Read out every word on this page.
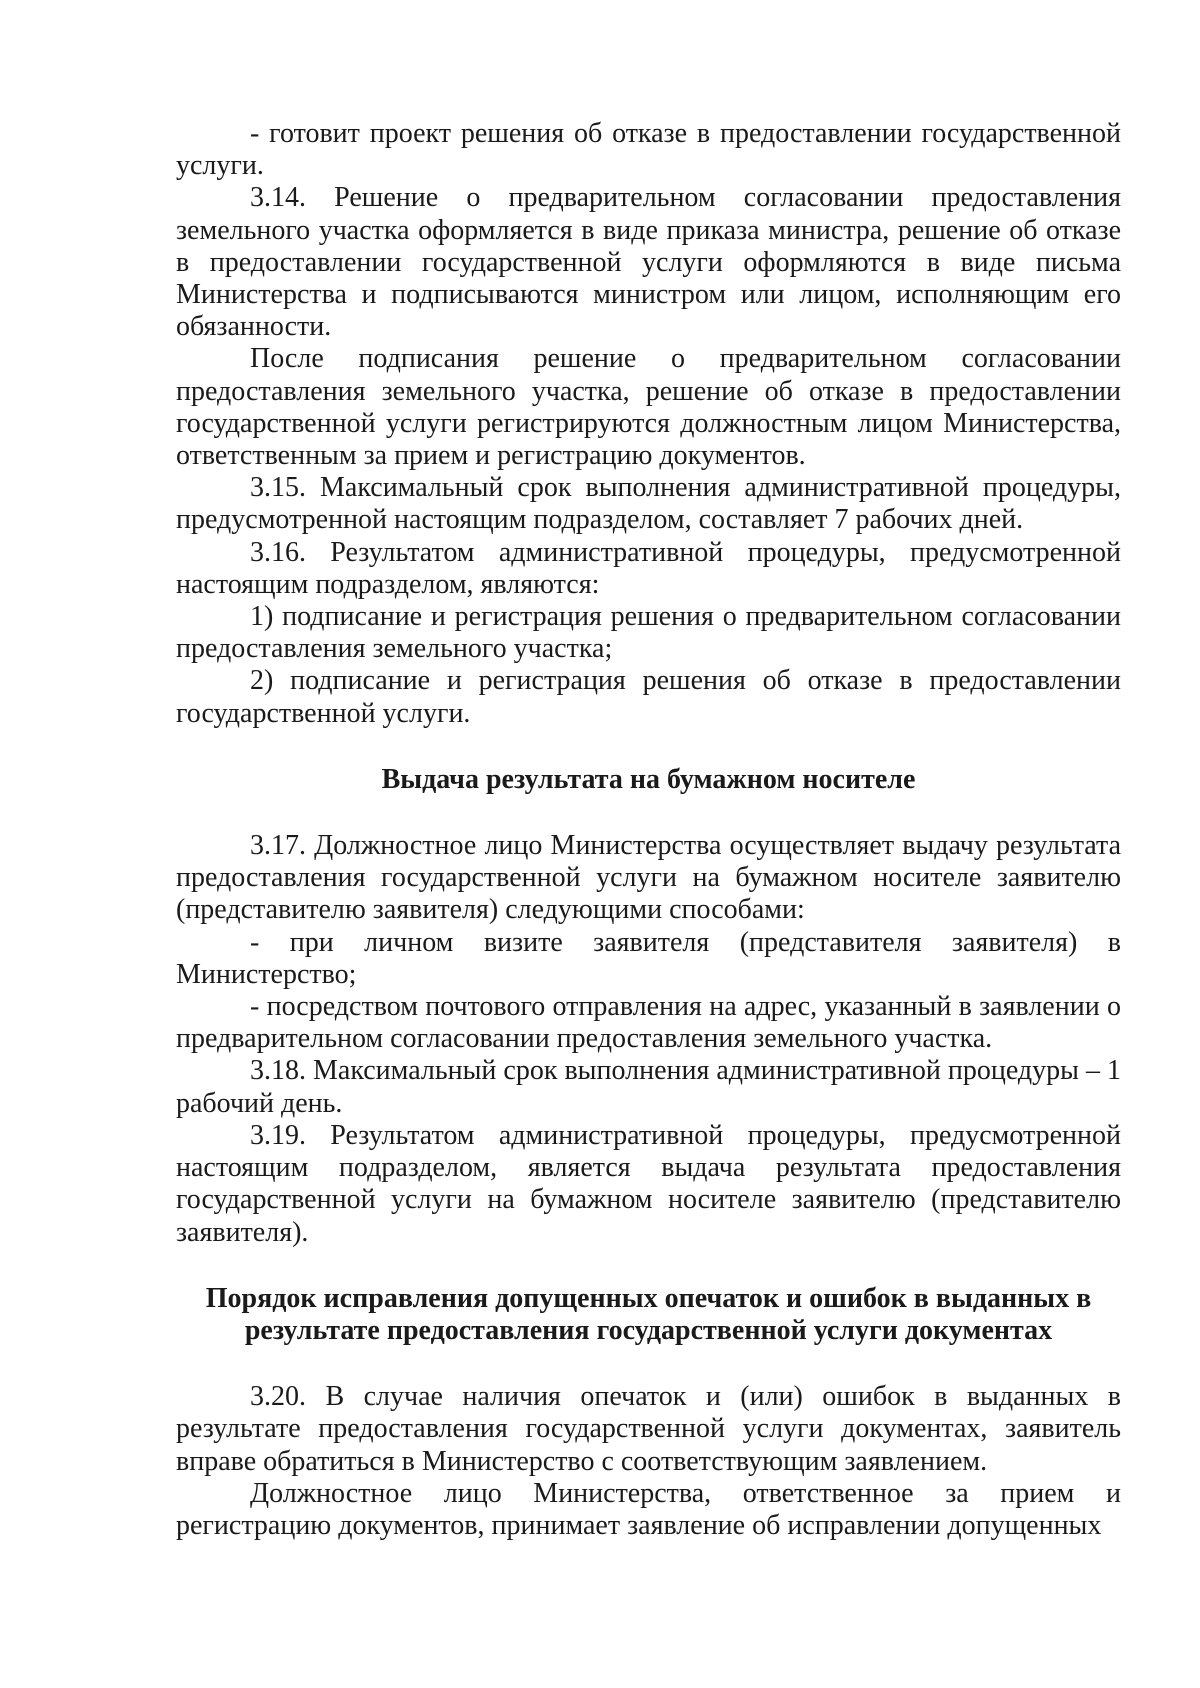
- готовит проект решения об отказе в предоставлении государственной услуги.

3.14. Решение о предварительном согласовании предоставления земельного участка оформляется в виде приказа министра, решение об отказе в предоставлении государственной услуги оформляются в виде письма Министерства и подписываются министром или лицом, исполняющим его обязанности.

После подписания решение о предварительном согласовании предоставления земельного участка, решение об отказе в предоставлении государственной услуги регистрируются должностным лицом Министерства, ответственным за прием и регистрацию документов.

3.15. Максимальный срок выполнения административной процедуры, предусмотренной настоящим подразделом, составляет 7 рабочих дней.

3.16. Результатом административной процедуры, предусмотренной настоящим подразделом, являются:

1) подписание и регистрация решения о предварительном согласовании предоставления земельного участка;

2) подписание и регистрация решения об отказе в предоставлении государственной услуги.

Выдача результата на бумажном носителе

3.17. Должностное лицо Министерства осуществляет выдачу результата предоставления государственной услуги на бумажном носителе заявителю (представителю заявителя) следующими способами:

- при личном визите заявителя (представителя заявителя) в Министерство;

- посредством почтового отправления на адрес, указанный в заявлении о предварительном согласовании предоставления земельного участка.

3.18. Максимальный срок выполнения административной процедуры – 1 рабочий день.

3.19. Результатом административной процедуры, предусмотренной настоящим подразделом, является выдача результата предоставления государственной услуги на бумажном носителе заявителю (представителю заявителя).

Порядок исправления допущенных опечаток и ошибок в выданных в

результате предоставления государственной услуги документах

3.20. В случае наличия опечаток и (или) ошибок в выданных в результате предоставления государственной услуги документах, заявитель вправе обратиться в Министерство с соответствующим заявлением.

Должностное лицо Министерства, ответственное за прием и регистрацию документов, принимает заявление об исправлении допущенных
